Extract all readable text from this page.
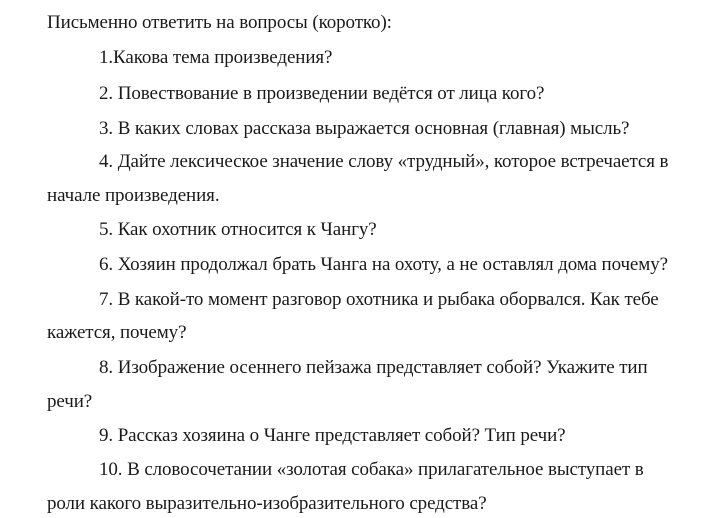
Письменно ответить на вопросы (коротко):
1.Какова тема произведения?
2. Повествование в произведении ведётся от лица кого?
3. В каких словах рассказа выражается основная (главная) мысль?
4. Дайте лексическое значение слову «трудный», которое встречается в
начале произведения.
5. Как охотник относится к Чангу?
6. Хозяин продолжал брать Чанга на охоту, а не оставлял дома почему?
7. В какой-то момент разговор охотника и рыбака оборвался. Как тебе
кажется, почему?
8. Изображение осеннего пейзажа представляет собой? Укажите тип
речи?
9. Рассказ хозяина о Чанге представляет собой? Тип речи?
10. В словосочетании «золотая собака» прилагательное выступает в
роли какого выразительно-изобразительного средства?
